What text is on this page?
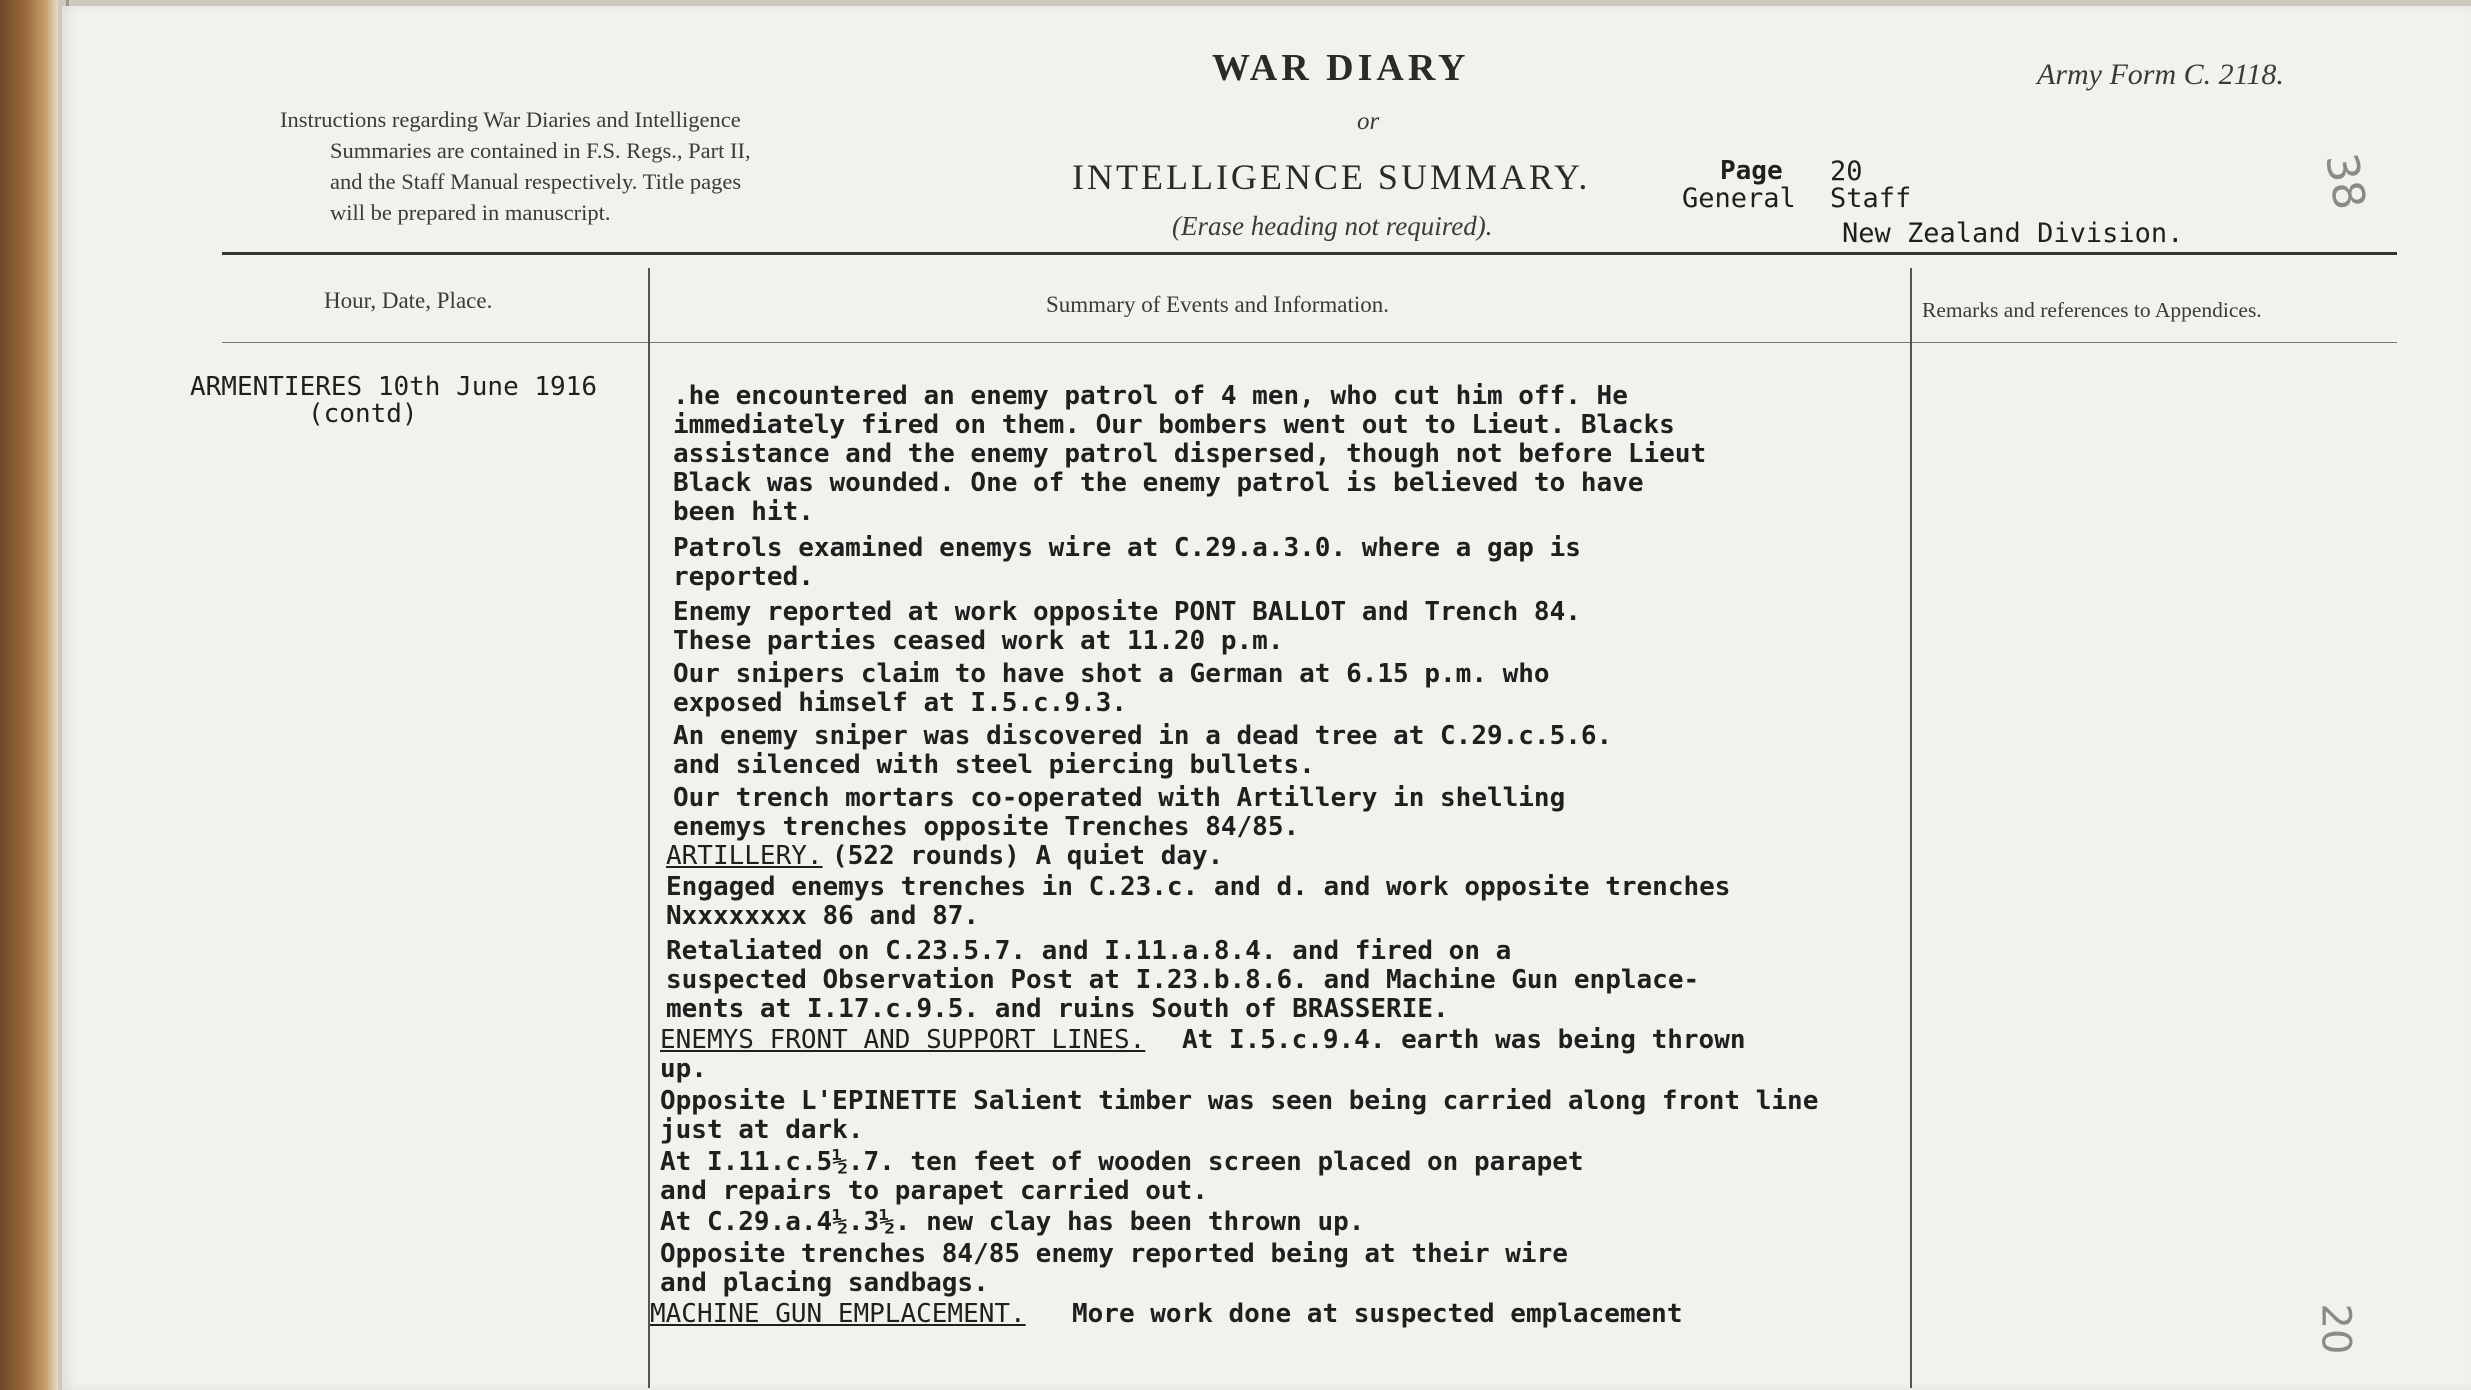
Instructions regarding War Diaries and Intelligence
Summaries are contained in F.S. Regs., Part II,
and the Staff Manual respectively. Title pages
will be prepared in manuscript.
WAR DIARY
or
INTELLIGENCE SUMMARY.
(Erase heading not required).
Army Form C. 2118.
Page 20
General Staff
New Zealand Division.
38
20
Hour, Date, Place.	Summary of Events and Information.	Remarks and references to Appendices.
ARMENTIERES 10th June 1916
(contd)
.he encountered an enemy patrol of 4 men, who cut him off. He
immediately fired on them. Our bombers went out to Lieut. Blacks
assistance and the enemy patrol dispersed, though not before Lieut
Black was wounded. One of the enemy patrol is believed to have
been hit.
Patrols examined enemys wire at C.29.a.3.0. where a gap is
reported.
Enemy reported at work opposite PONT BALLOT and Trench 84.
These parties ceased work at 11.20 p.m.
Our snipers claim to have shot a German at 6.15 p.m. who
exposed himself at I.5.c.9.3.
An enemy sniper was discovered in a dead tree at C.29.c.5.6.
and silenced with steel piercing bullets.
Our trench mortars co-operated with Artillery in shelling
enemys trenches opposite Trenches 84/85.
ARTILLERY. (522 rounds) A quiet day.
Engaged enemys trenches in C.23.c. and d. and work opposite trenches
Nxxxxxxxx 86 and 87.
Retaliated on C.23.5.7. and I.11.a.8.4. and fired on a
suspected Observation Post at I.23.b.8.6. and Machine Gun enplace-
ments at I.17.c.9.5. and ruins South of BRASSERIE.
ENEMYS FRONT AND SUPPORT LINES. At I.5.c.9.4. earth was being thrown
up.
Opposite L'EPINETTE Salient timber was seen being carried along front line
just at dark.
At I.11.c.5½.7. ten feet of wooden screen placed on parapet
and repairs to parapet carried out.
At C.29.a.4½.3½. new clay has been thrown up.
Opposite trenches 84/85 enemy reported being at their wire
and placing sandbags.
MACHINE GUN EMPLACEMENT. More work done at suspected emplacement
